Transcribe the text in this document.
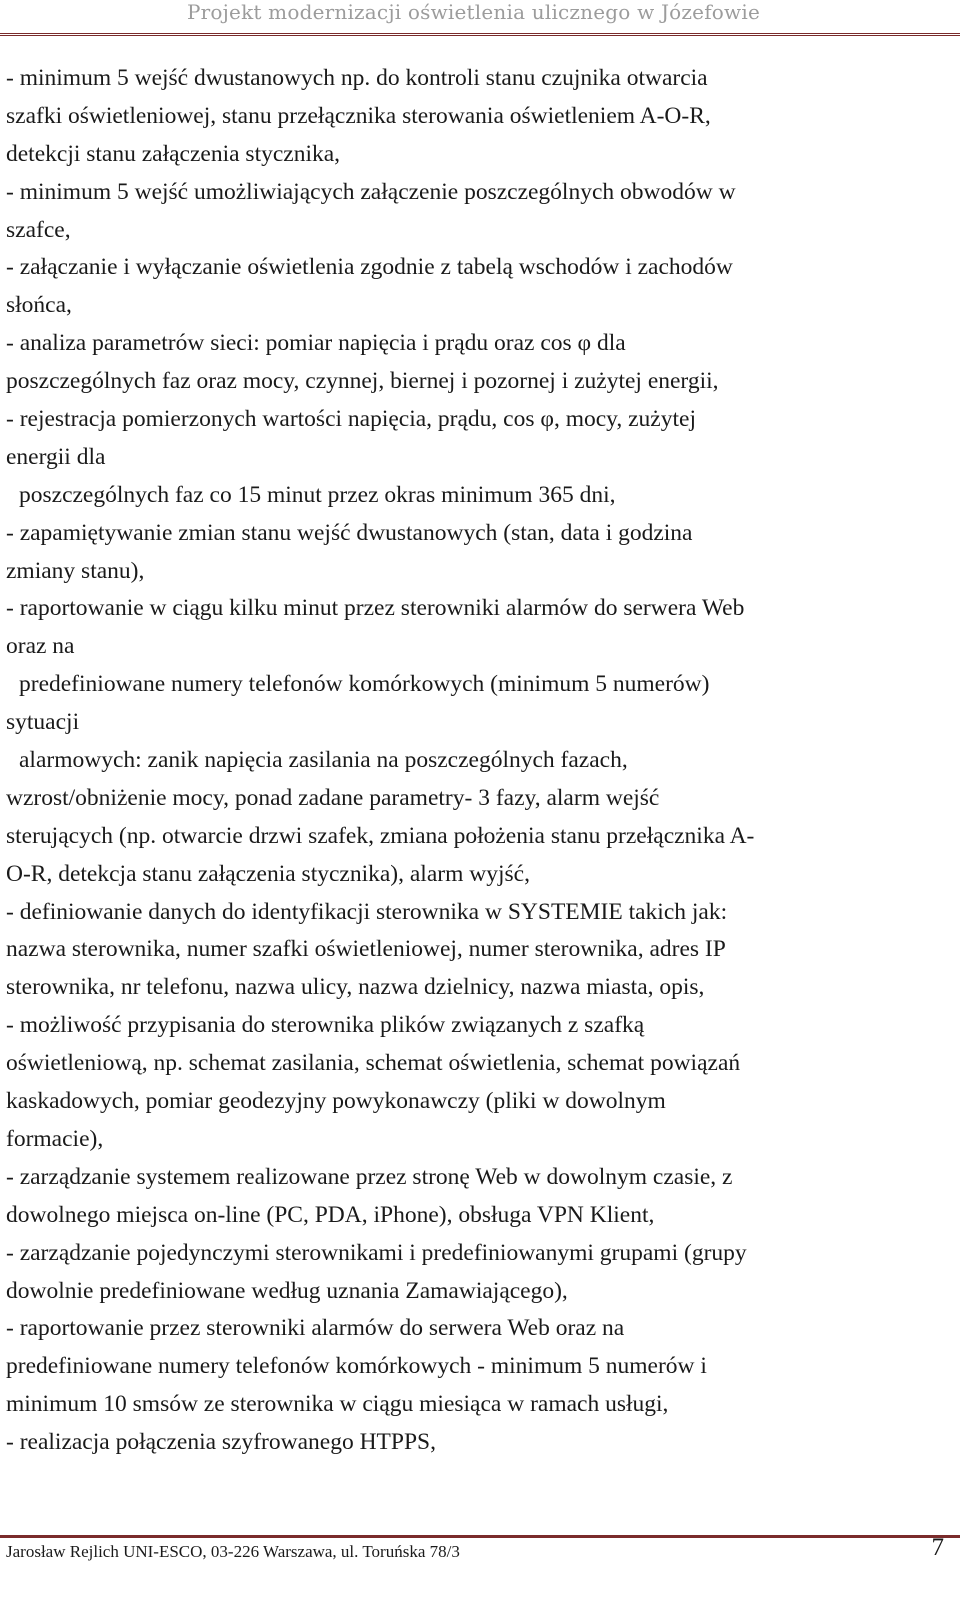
Projekt modernizacji oświetlenia ulicznego w Józefowie
- minimum 5 wejść dwustanowych np. do kontroli stanu czujnika otwarcia
szafki oświetleniowej, stanu przełącznika sterowania oświetleniem A-O-R,
detekcji stanu załączenia stycznika,
- minimum 5 wejść umożliwiających załączenie poszczególnych obwodów w
szafce,
- załączanie i wyłączanie oświetlenia zgodnie z tabelą wschodów i zachodów
słońca,
- analiza parametrów sieci: pomiar napięcia i prądu oraz cos φ dla
poszczególnych faz oraz mocy, czynnej, biernej i pozornej i zużytej energii,
- rejestracja pomierzonych wartości napięcia, prądu, cos φ, mocy, zużytej
energii dla
poszczególnych faz co 15 minut przez okras minimum 365 dni,
- zapamiętywanie zmian stanu wejść dwustanowych (stan, data i godzina
zmiany stanu),
- raportowanie w ciągu kilku minut przez sterowniki alarmów do serwera Web
oraz na
predefiniowane numery telefonów komórkowych (minimum 5 numerów)
sytuacji
alarmowych: zanik napięcia zasilania na poszczególnych fazach,
wzrost/obniżenie mocy, ponad zadane parametry- 3 fazy, alarm wejść
sterujących (np. otwarcie drzwi szafek, zmiana położenia stanu przełącznika A-
O-R, detekcja stanu załączenia stycznika), alarm wyjść,
- definiowanie danych do identyfikacji sterownika w SYSTEMIE takich jak:
nazwa sterownika, numer szafki oświetleniowej, numer sterownika, adres IP
sterownika, nr telefonu, nazwa ulicy, nazwa dzielnicy, nazwa miasta, opis,
- możliwość przypisania do sterownika plików związanych z szafką
oświetleniową, np. schemat zasilania, schemat oświetlenia, schemat powiązań
kaskadowych, pomiar geodezyjny powykonawczy (pliki w dowolnym
formacie),
- zarządzanie systemem realizowane przez stronę Web w dowolnym czasie, z
dowolnego miejsca on-line (PC, PDA, iPhone), obsługa VPN Klient,
- zarządzanie pojedynczymi sterownikami i predefiniowanymi grupami (grupy
dowolnie predefiniowane według uznania Zamawiającego),
- raportowanie przez sterowniki alarmów do serwera Web oraz na
predefiniowane numery telefonów komórkowych - minimum 5 numerów i
minimum 10 smsów ze sterownika w ciągu miesiąca w ramach usługi,
- realizacja połączenia szyfrowanego HTPPS,
Jarosław Rejlich UNI-ESCO, 03-226 Warszawa, ul. Toruńska 78/3	7
